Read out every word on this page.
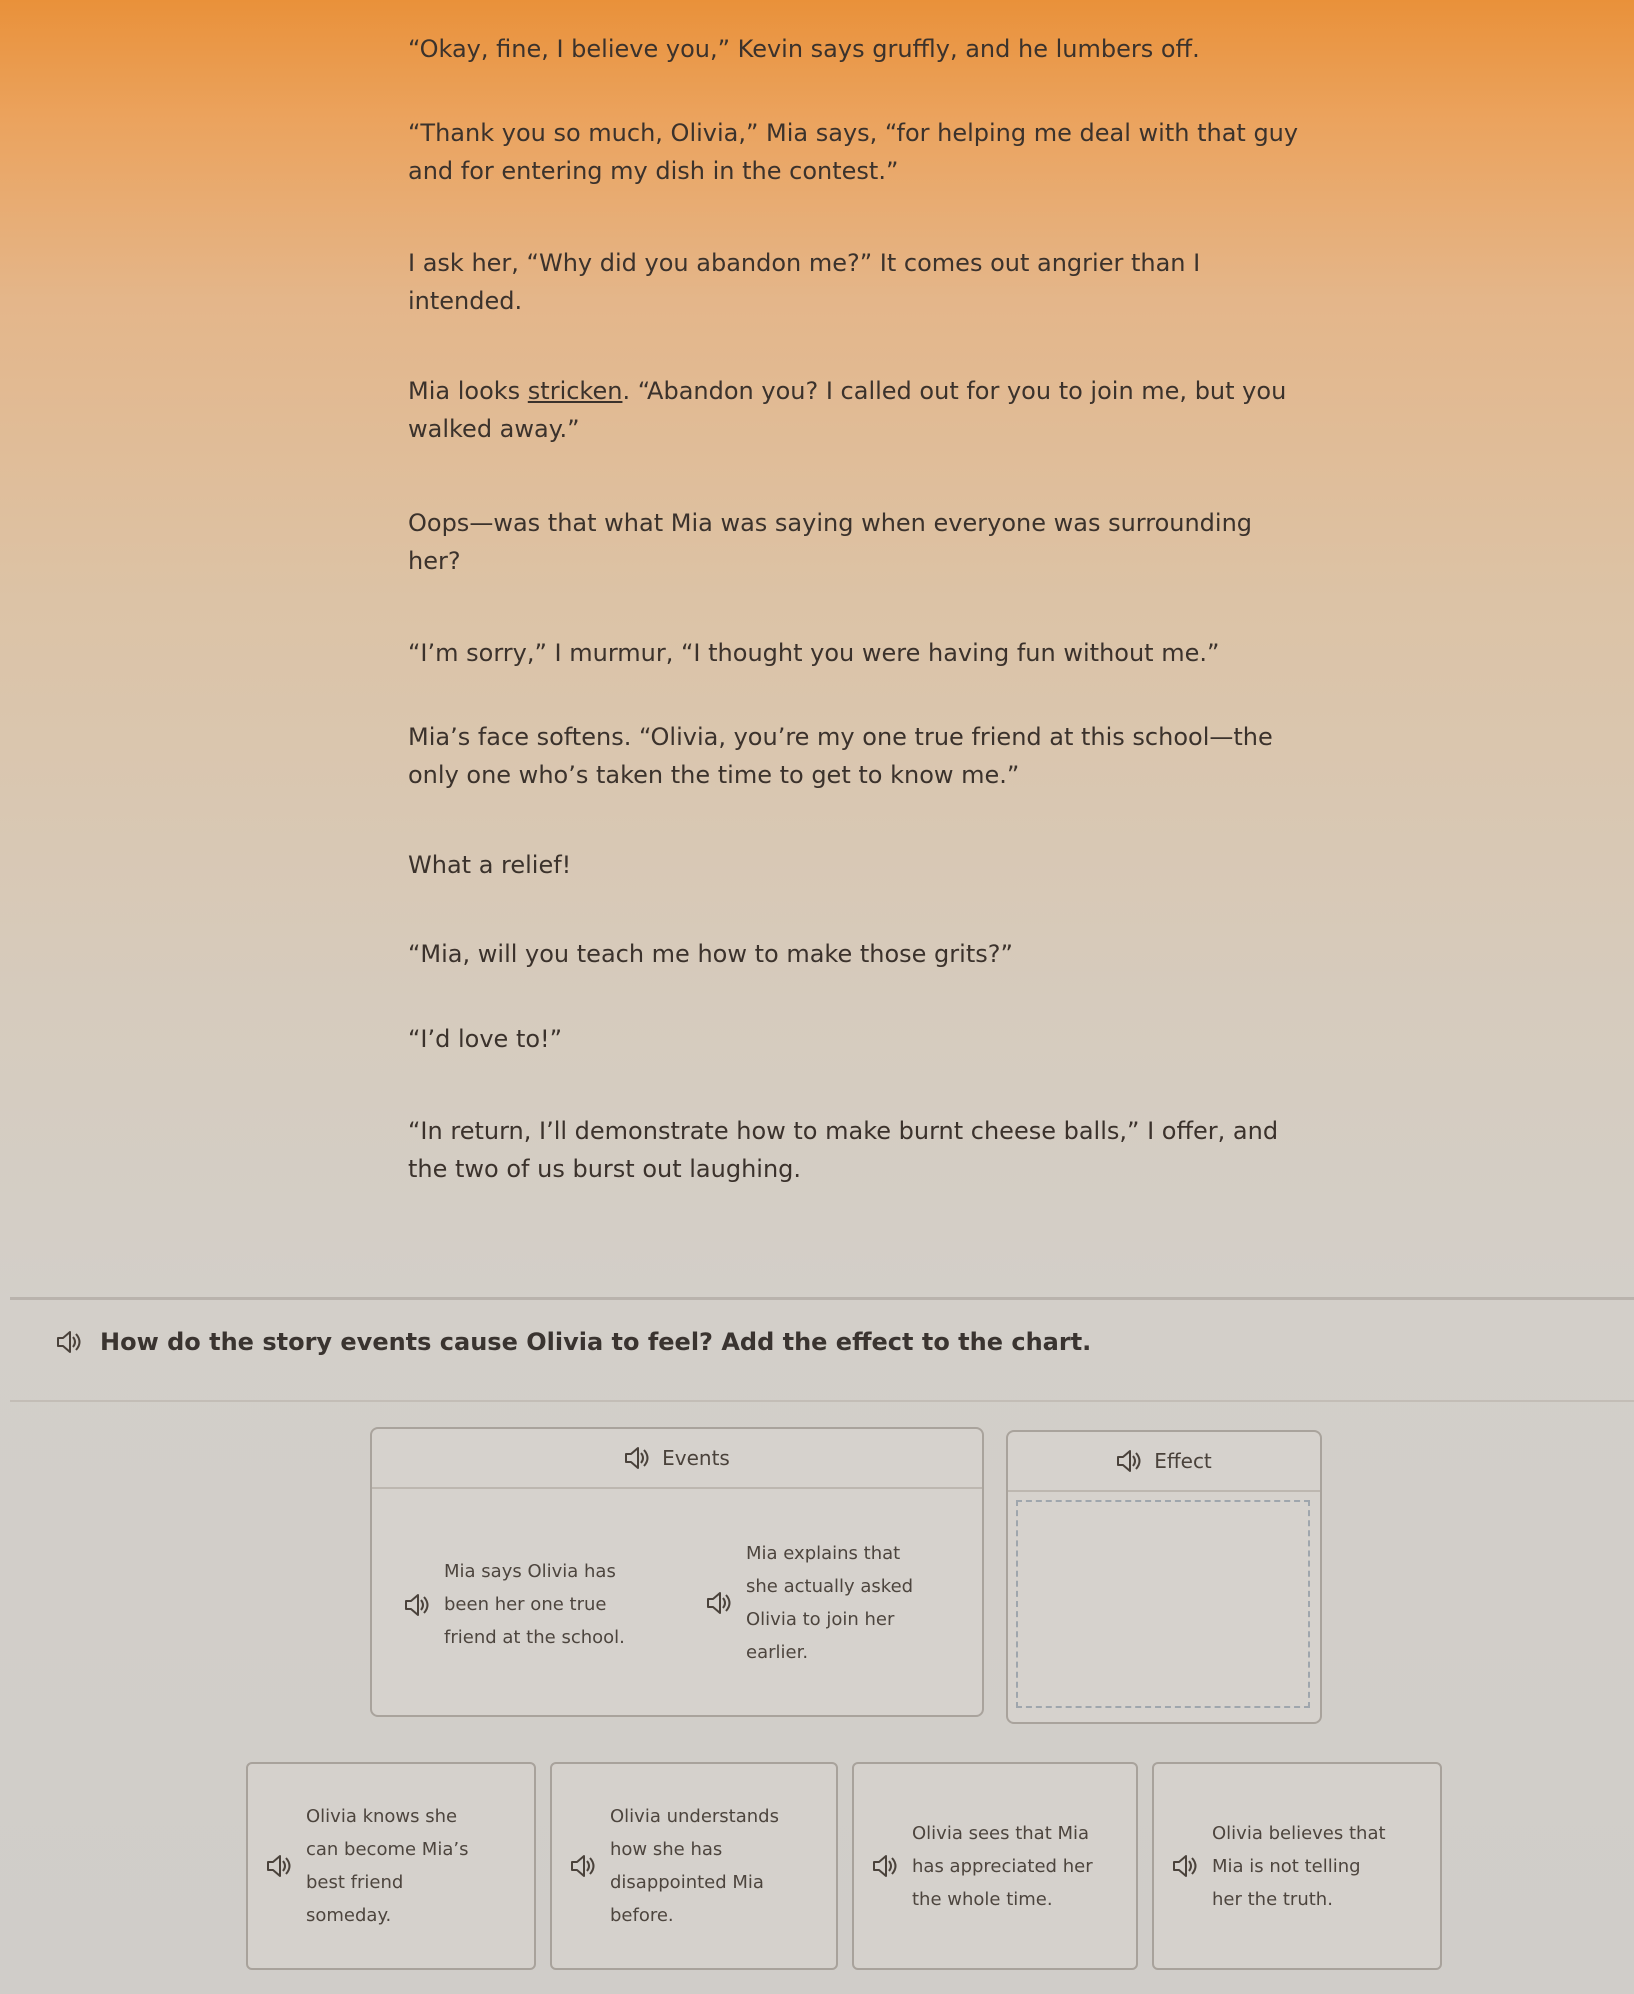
“Okay, fine, I believe you,” Kevin says gruffly, and he lumbers off.
“Thank you so much, Olivia,” Mia says, “for helping me deal with that guy
and for entering my dish in the contest.”
I ask her, “Why did you abandon me?” It comes out angrier than I
intended.
Mia looks stricken. “Abandon you? I called out for you to join me, but you
walked away.”
Oops—was that what Mia was saying when everyone was surrounding
her?
“I’m sorry,” I murmur, “I thought you were having fun without me.”
Mia’s face softens. “Olivia, you’re my one true friend at this school—the
only one who’s taken the time to get to know me.”
What a relief!
“Mia, will you teach me how to make those grits?”
“I’d love to!”
“In return, I’ll demonstrate how to make burnt cheese balls,” I offer, and
the two of us burst out laughing.
How do the story events cause Olivia to feel? Add the effect to the chart.
Events
Mia says Olivia has
been her one true
friend at the school.
Mia explains that
she actually asked
Olivia to join her
earlier.
Effect
Olivia knows she
can become Mia’s
best friend
someday.
Olivia understands
how she has
disappointed Mia
before.
Olivia sees that Mia
has appreciated her
the whole time.
Olivia believes that
Mia is not telling
her the truth.
